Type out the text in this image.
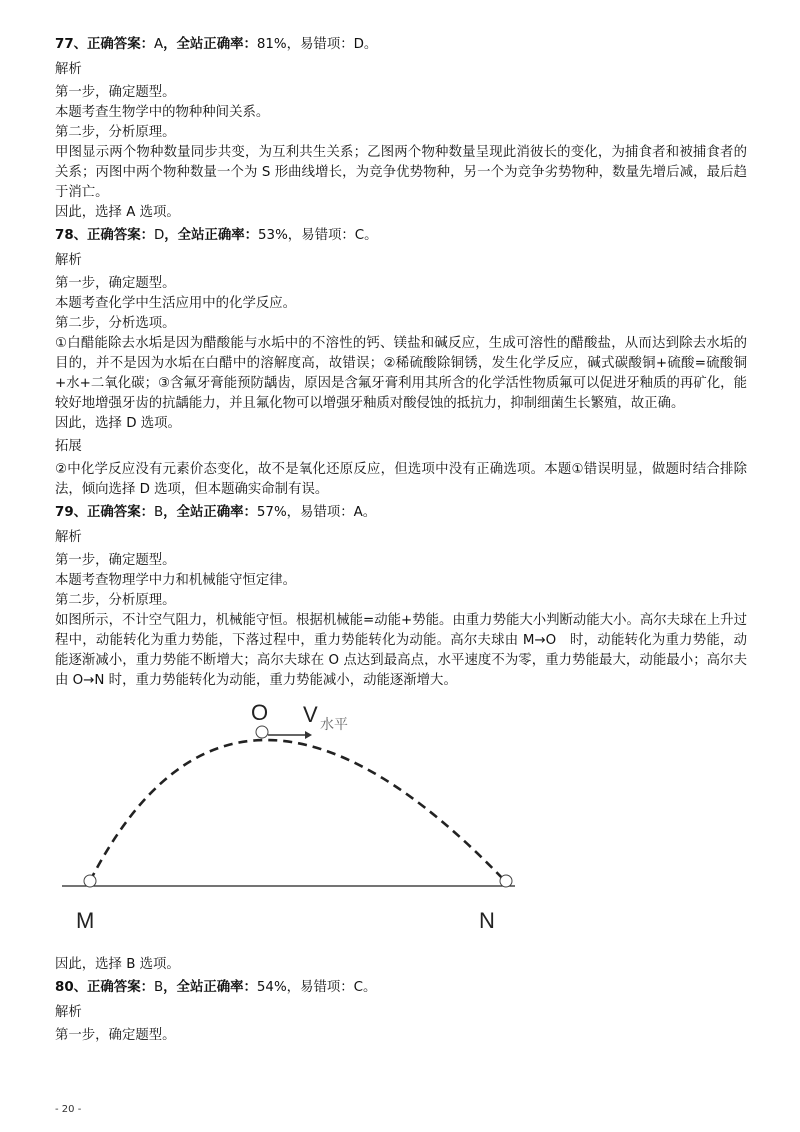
77、正确答案：A，全站正确率：81%，易错项：D。

解析

第一步，确定题型。

本题考查生物学中的物种种间关系。

第二步，分析原理。

甲图显示两个物种数量同步共变，为互利共生关系；乙图两个物种数量呈现此消彼长的变化，为捕食者和被捕食者的关系；丙图中两个物种数量一个为 S 形曲线增长，为竞争优势物种，另一个为竞争劣势物种，数量先增后减，最后趋于消亡。

因此，选择 A 选项。

78、正确答案：D，全站正确率：53%，易错项：C。

解析

第一步，确定题型。

本题考查化学中生活应用中的化学反应。

第二步，分析选项。

①白醋能除去水垢是因为醋酸能与水垢中的不溶性的钙、镁盐和碱反应，生成可溶性的醋酸盐，从而达到除去水垢的目的，并不是因为水垢在白醋中的溶解度高，故错误；②稀硫酸除铜锈，发生化学反应，碱式碳酸铜+硫酸=硫酸铜+水+二氧化碳；③含氟牙膏能预防龋齿，原因是含氟牙膏利用其所含的化学活性物质氟可以促进牙釉质的再矿化，能较好地增强牙齿的抗龋能力，并且氟化物可以增强牙釉质对酸侵蚀的抵抗力，抑制细菌生长繁殖，故正确。

因此，选择 D 选项。

拓展

②中化学反应没有元素价态变化，故不是氧化还原反应，但选项中没有正确选项。本题①错误明显，做题时结合排除法，倾向选择 D 选项，但本题确实命制有误。

79、正确答案：B，全站正确率：57%，易错项：A。

解析

第一步，确定题型。

本题考查物理学中力和机械能守恒定律。

第二步，分析原理。

如图所示，不计空气阻力，机械能守恒。根据机械能=动能+势能。由重力势能大小判断动能大小。高尔夫球在上升过程中，动能转化为重力势能，下落过程中，重力势能转化为动能。高尔夫球由 M→O　时，动能转化为重力势能，动能逐渐减小，重力势能不断增大；高尔夫球在 O 点达到最高点，水平速度不为零，重力势能最大，动能最小；高尔夫由 O→N 时，重力势能转化为动能，重力势能减小，动能逐渐增大。

O V 水平
M	N

因此，选择 B 选项。

80、正确答案：B，全站正确率：54%，易错项：C。

解析

第一步，确定题型。

- 20 -
